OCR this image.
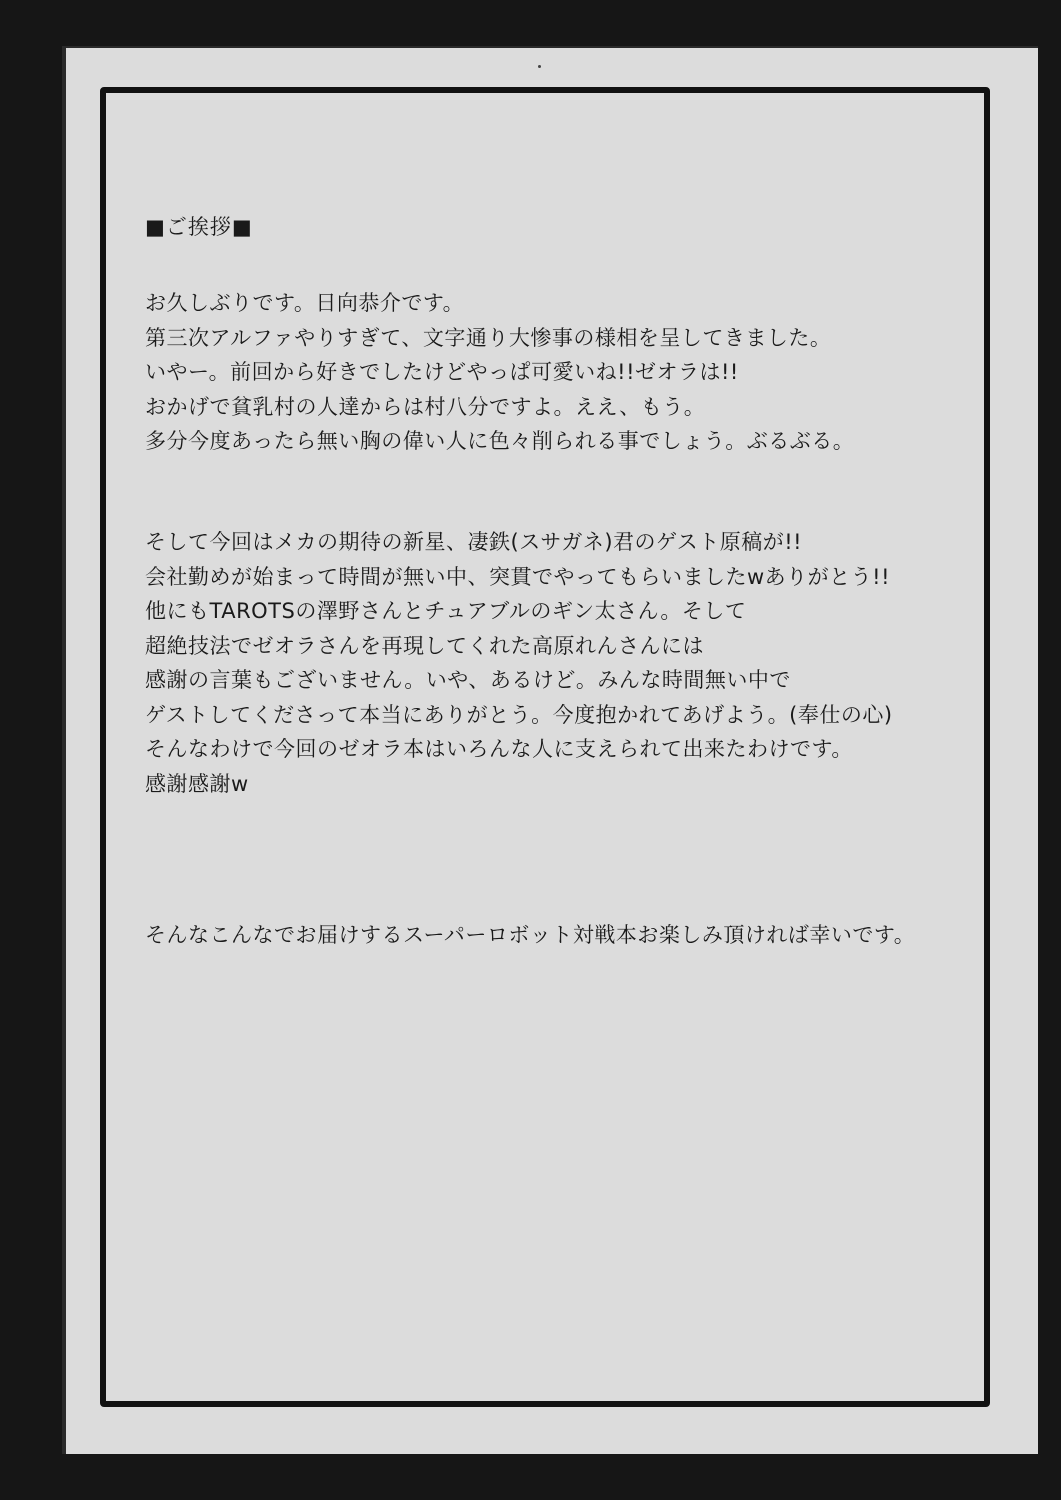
■ご挨拶■
お久しぶりです。日向恭介です。
第三次アルファやりすぎて、文字通り大惨事の様相を呈してきました。
いやー。前回から好きでしたけどやっぱ可愛いね!!ゼオラは!!
おかげで貧乳村の人達からは村八分ですよ。ええ、もう。
多分今度あったら無い胸の偉い人に色々削られる事でしょう。ぶるぶる。
そして今回はメカの期待の新星、凄鉄(スサガネ)君のゲスト原稿が!!
会社勤めが始まって時間が無い中、突貫でやってもらいましたwありがとう!!
他にもTAROTSの澤野さんとチュアブルのギン太さん。そして
超絶技法でゼオラさんを再現してくれた高原れんさんには
感謝の言葉もございません。いや、あるけど。みんな時間無い中で
ゲストしてくださって本当にありがとう。今度抱かれてあげよう。(奉仕の心)
そんなわけで今回のゼオラ本はいろんな人に支えられて出来たわけです。
感謝感謝w
そんなこんなでお届けするスーパーロボット対戦本お楽しみ頂ければ幸いです。
